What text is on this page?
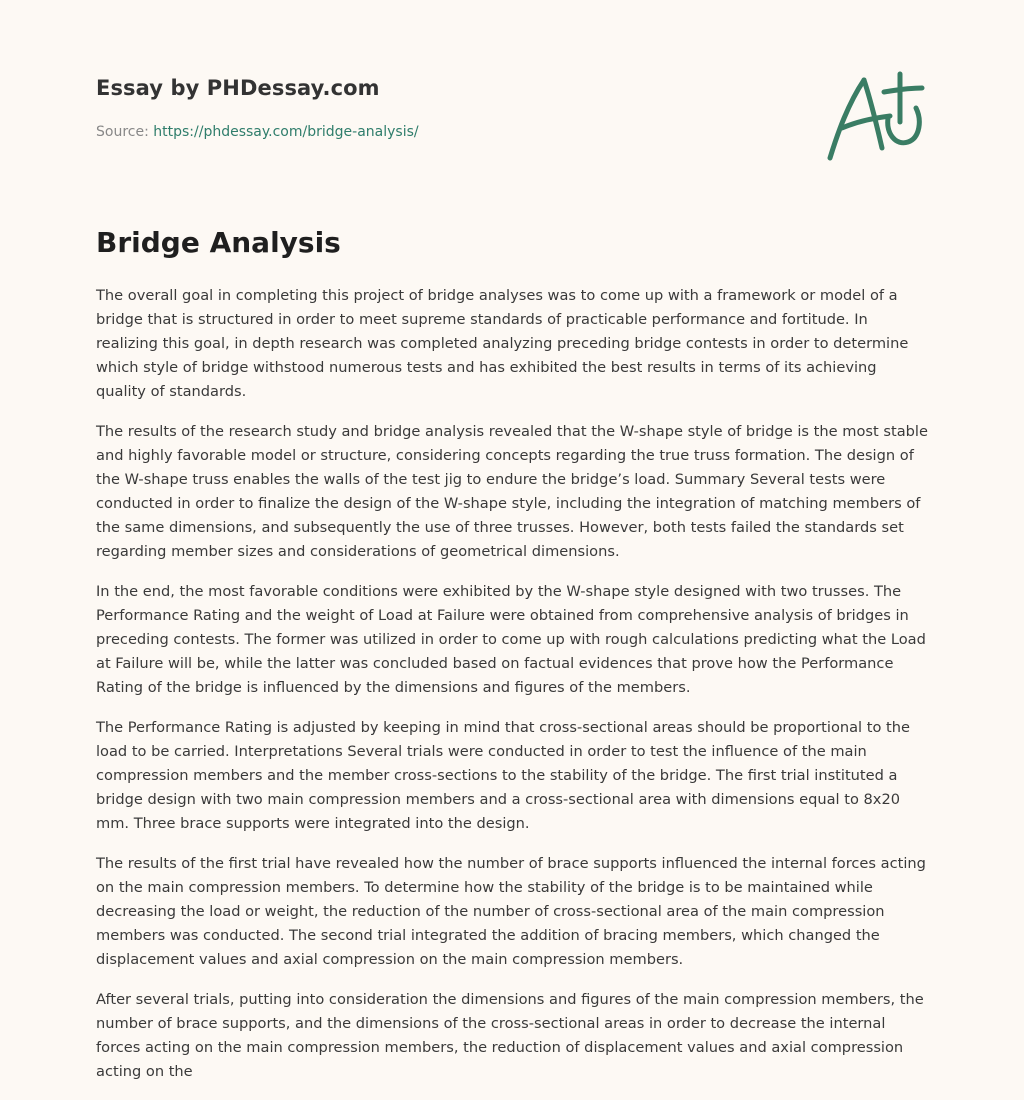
Essay by PHDessay.com
Source: https://phdessay.com/bridge-analysis/
Bridge Analysis

The overall goal in completing this project of bridge analyses was to come up with a framework or model of a bridge that is structured in order to meet supreme standards of practicable performance and fortitude. In realizing this goal, in depth research was completed analyzing preceding bridge contests in order to determine which style of bridge withstood numerous tests and has exhibited the best results in terms of its achieving quality of standards.

The results of the research study and bridge analysis revealed that the W-shape style of bridge is the most stable and highly favorable model or structure, considering concepts regarding the true truss formation. The design of the W-shape truss enables the walls of the test jig to endure the bridge’s load. Summary Several tests were conducted in order to finalize the design of the W-shape style, including the integration of matching members of the same dimensions, and subsequently the use of three trusses. However, both tests failed the standards set regarding member sizes and considerations of geometrical dimensions.

In the end, the most favorable conditions were exhibited by the W-shape style designed with two trusses. The Performance Rating and the weight of Load at Failure were obtained from comprehensive analysis of bridges in preceding contests. The former was utilized in order to come up with rough calculations predicting what the Load at Failure will be, while the latter was concluded based on factual evidences that prove how the Performance Rating of the bridge is influenced by the dimensions and figures of the members.

The Performance Rating is adjusted by keeping in mind that cross-sectional areas should be proportional to the load to be carried. Interpretations Several trials were conducted in order to test the influence of the main compression members and the member cross-sections to the stability of the bridge. The first trial instituted a bridge design with two main compression members and a cross-sectional area with dimensions equal to 8x20 mm. Three brace supports were integrated into the design.

The results of the first trial have revealed how the number of brace supports influenced the internal forces acting on the main compression members. To determine how the stability of the bridge is to be maintained while decreasing the load or weight, the reduction of the number of cross-sectional area of the main compression members was conducted. The second trial integrated the addition of bracing members, which changed the displacement values and axial compression on the main compression members.

After several trials, putting into consideration the dimensions and figures of the main compression members, the number of brace supports, and the dimensions of the cross-sectional areas in order to decrease the internal forces acting on the main compression members, the reduction of displacement values and axial compression acting on the
